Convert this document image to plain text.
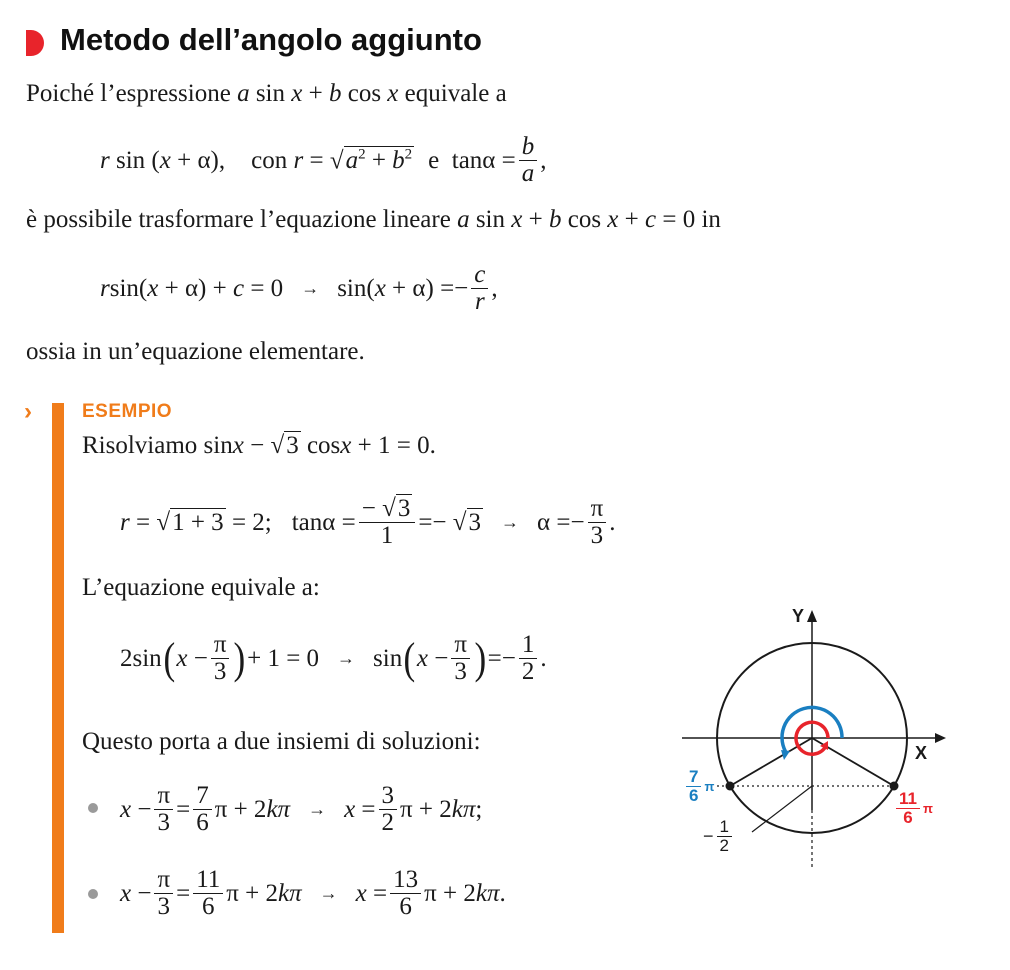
Metodo dell’angolo aggiunto
Poiché l’espressione a sin x + b cos x equivale a
r sin (x + α), con $r = √a^2 + b^2$ e  $\tan\alpha = \frac{b}{a}$ ,
è possibile trasformare l’equazione lineare a sin x + b cos x + c = 0 in
$rsin(x + \alpha) + c = 0 \to \sin(x + \alpha) =- \frac{c}{r}$ ,
ossia in un’equazione elementare.
›	ESEMPIO
Risolviamo sinx − √3 cosx + 1 = 0.
r = √1 + 3 = 2; $\tan\alpha = \frac{- √3}{1} =- √3 \to \alpha =- \frac{\pi}{3}$ .
L’equazione equivale a:
2sin ( $x - \frac{\pi}{3}$ ) + 1 = 0 → sin ( $x - \frac{\pi}{3}$ ) =− $\frac{1}{2}$ .
Questo porta a due insiemi di soluzioni:
$x - \frac{\pi}{3} = \frac{7}{6}$ $\pi + 2k\pi \to x = \frac{3}{2}$ π + 2kπ;
$x - \frac{\pi}{3} = \frac{11}{6}$ $\pi + 2k\pi \to x = \frac{13}{6}$ π + 2kπ.
Y
X
$\frac{7}{6}$ π
$\frac{11}{6}$ π
− $\frac{1}{2}$
